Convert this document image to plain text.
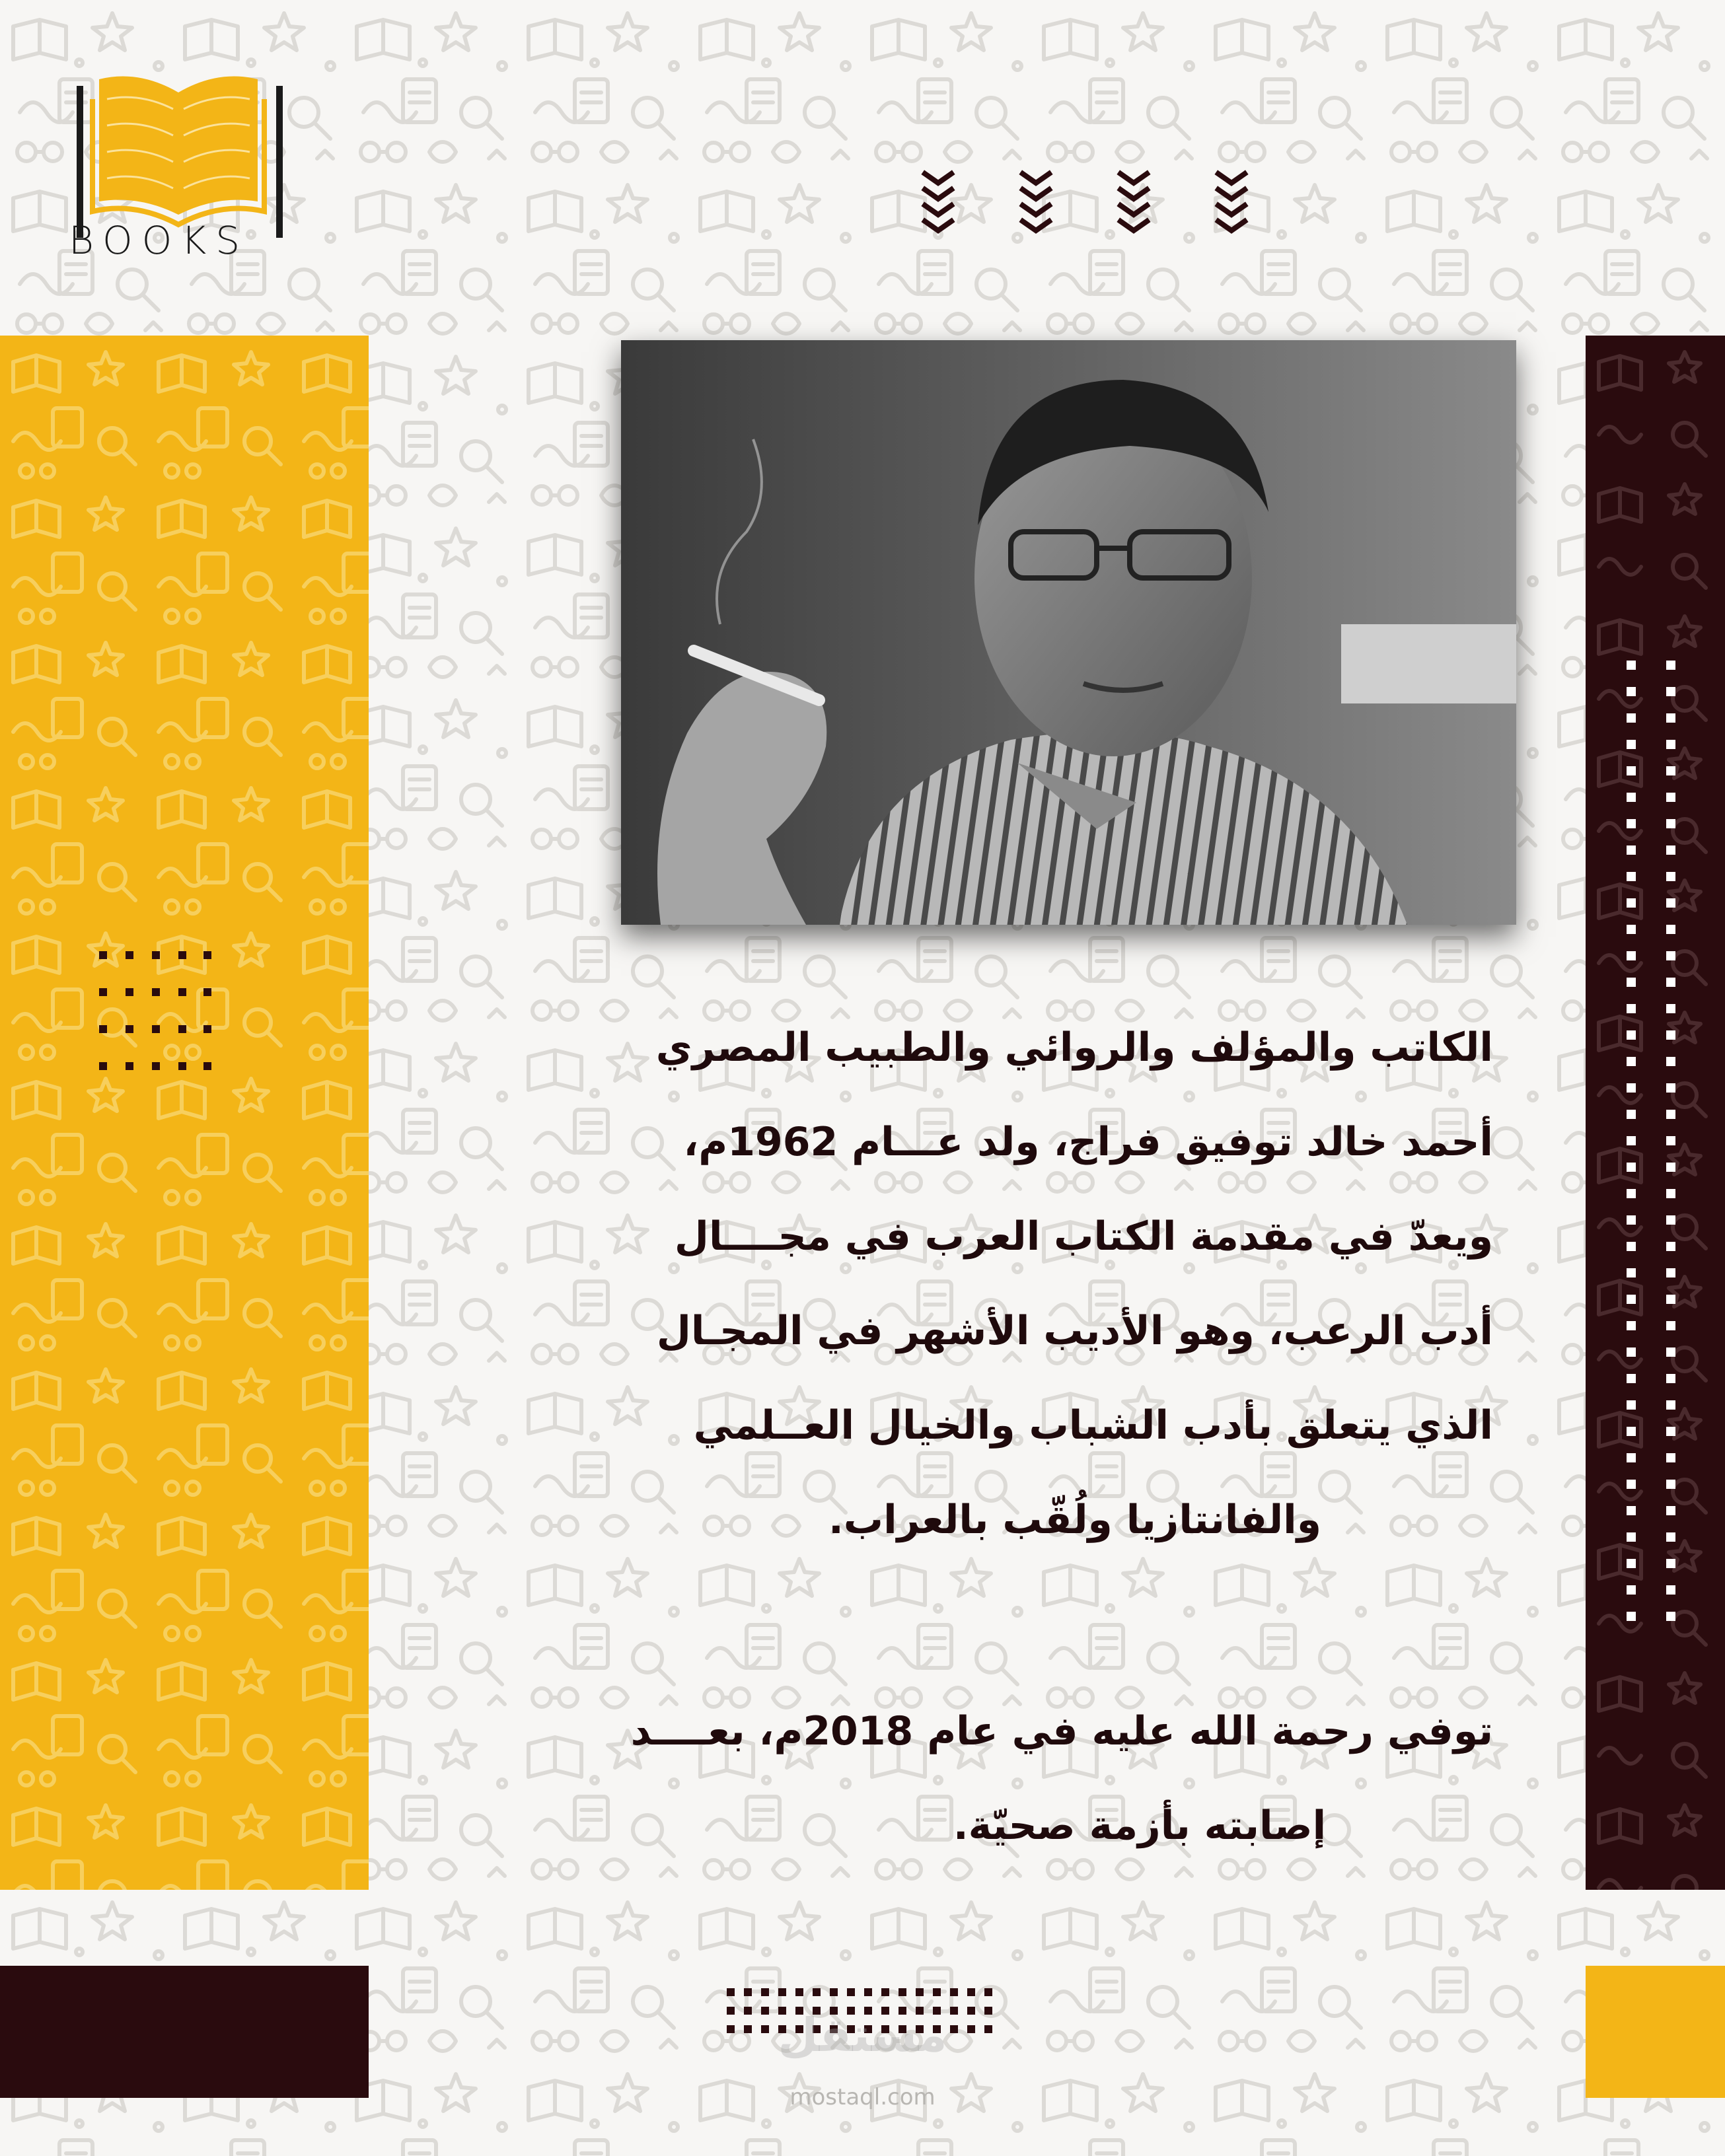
BOOKS
الكاتب والمؤلف والروائي والطبيب المصري
أحمد خالد توفيق فراج، ولد عـــام 1962م،
ويعدّ في مقدمة الكتاب العرب في مجــــال
أدب الرعب، وهو الأديب الأشهر في المجـال
الذي يتعلق بأدب الشباب والخيال العــلمي
والفانتازيا ولُقّب بالعراب.
توفي رحمة الله عليه في عام 2018م، بعــــد
إصابته بأزمة صحيّة.
مستقل
mostaql.com
